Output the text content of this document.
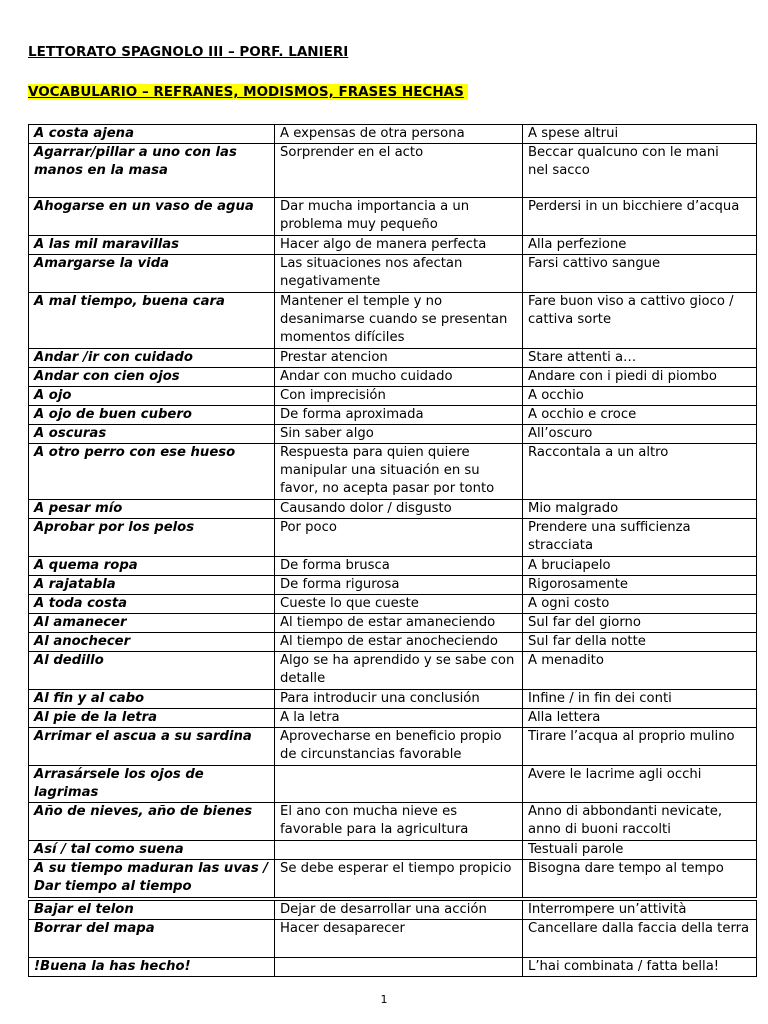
LETTORATO SPAGNOLO III – PORF. LANIERI
VOCABULARIO – REFRANES, MODISMOS, FRASES HECHAS
A costa ajena	A expensas de otra persona	A spese altrui
Agarrar/pillar a uno con las manos en la masa	Sorprender en el acto	Beccar qualcuno con le mani
nel sacco
Ahogarse en un vaso de agua	Dar mucha importancia a un problema muy pequeño	Perdersi in un bicchiere d’acqua
A las mil maravillas	Hacer algo de manera perfecta	Alla perfezione
Amargarse la vida	Las situaciones nos afectan negativamente	Farsi cattivo sangue
A mal tiempo, buena cara	Mantener el temple y no desanimarse cuando se presentan momentos difíciles	Fare buon viso a cattivo gioco / cattiva sorte
Andar /ir con cuidado	Prestar atencion	Stare attenti a…
Andar con cien ojos	Andar con mucho cuidado	Andare con i piedi di piombo
A ojo	Con imprecisión	A occhio
A ojo de buen cubero	De forma aproximada	A occhio e croce
A oscuras	Sin saber algo	All’oscuro
A otro perro con ese hueso	Respuesta para quien quiere manipular una situación en su favor, no acepta pasar por tonto	Raccontala a un altro
A pesar mío	Causando dolor / disgusto	Mio malgrado
Aprobar por los pelos	Por poco	Prendere una sufficienza stracciata
A quema ropa	De forma brusca	A bruciapelo
A rajatabla	De forma rigurosa	Rigorosamente
A toda costa	Cueste lo que cueste	A ogni costo
Al amanecer	Al tiempo de estar amaneciendo	Sul far del giorno
Al anochecer	Al tiempo de estar anocheciendo	Sul far della notte
Al dedillo	Algo se ha aprendido y se sabe con detalle	A menadito
Al fin y al cabo	Para introducir una conclusión	Infine / in fin dei conti
Al pie de la letra	A la letra	Alla lettera
Arrimar el ascua a su sardina	Aprovecharse en beneficio propio de circunstancias favorable	Tirare l’acqua al proprio mulino
Arrasársele los ojos de lagrimas		Avere le lacrime agli occhi
Año de nieves, año de bienes	El ano con mucha nieve es favorable para la agricultura	Anno di abbondanti nevicate, anno di buoni raccolti
Así / tal como suena		Testuali parole
A su tiempo maduran las uvas / Dar tiempo al tiempo	Se debe esperar el tiempo propicio	Bisogna dare tempo al tempo
Bajar el telon	Dejar de desarrollar una acción	Interrompere un’attività
Borrar del mapa	Hacer desaparecer	Cancellare dalla faccia della terra
!Buena la has hecho!		L’hai combinata / fatta bella!
1
